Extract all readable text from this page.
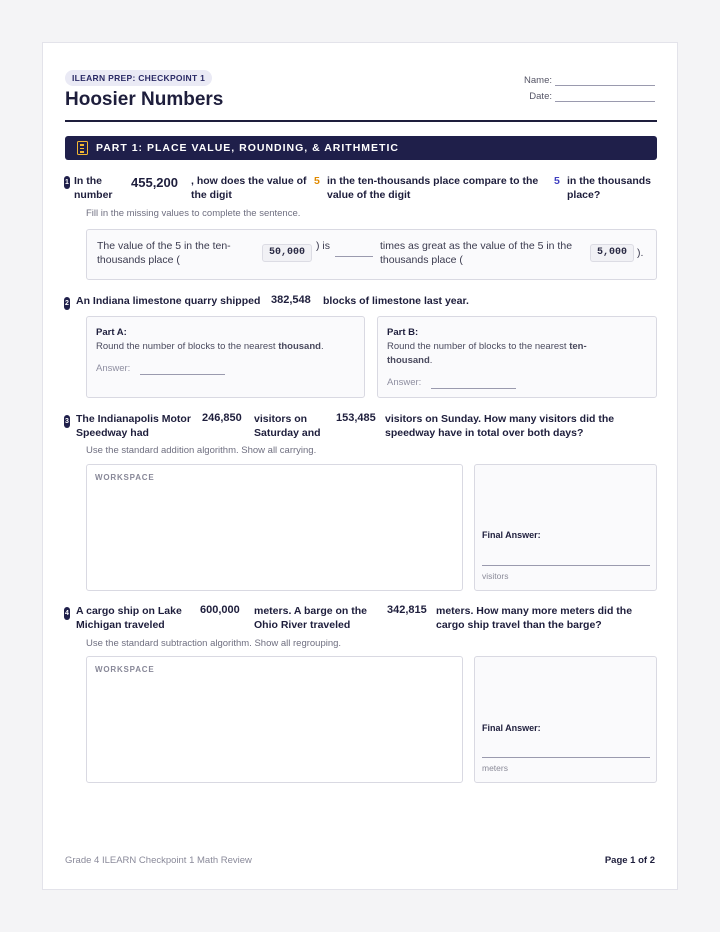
ILEARN PREP: CHECKPOINT 1
Hoosier Numbers
Name:
Date:
PART 1: PLACE VALUE, ROUNDING, & ARITHMETIC
1 In the number
455,200 , how does the value of the digit
5 in the ten-thousands place compare to the value of the digit
5 in the thousands place?
Fill in the missing values to complete the sentence.
The value of the 5 in the ten-thousands place (
50,000
) is	times as great as the value of the 5 in the thousands place (
5,000 ).
2 An Indiana limestone quarry shipped 382,548 blocks of limestone last year.
Part A:
Round the number of blocks to the nearest thousand.
Answer:
Part B:
Round the number of blocks to the nearest ten-thousand.
Answer:
3 The Indianapolis Motor Speedway had
246,850 visitors on Saturday and
153,485 visitors on Sunday. How many visitors did the speedway have in total over both days?
Use the standard addition algorithm. Show all carrying.
WORKSPACE
Final Answer:
visitors
4 A cargo ship on Lake Michigan traveled
600,000 meters. A barge on the Ohio River traveled
342,815 meters. How many more meters did the cargo ship travel than the barge?
Use the standard subtraction algorithm. Show all regrouping.
WORKSPACE
Final Answer:
meters
Grade 4 ILEARN Checkpoint 1 Math Review	Page 1 of 2
